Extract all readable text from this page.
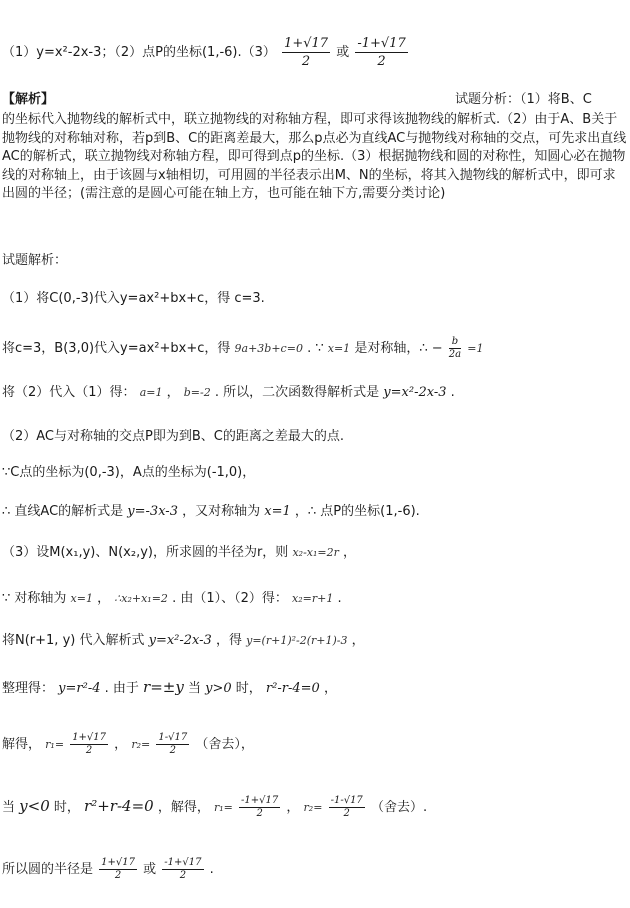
（1）y=x²-2x-3；（2）点P的坐标$(1,-6).(3) \frac{1+√17}{2}$ 或 $\frac{-1+√17}{2}$
【解析】	试题分析：（1）将B、C
的坐标代入抛物线的解析式中，联立抛物线的对称轴方程，即可求得该抛物线的解析式.（2）由于A、B关于抛物线的对称轴对称，若p到B、C的距离差最大，那么p点必为直线AC与抛物线对称轴的交点，可先求出直线AC的解析式，联立抛物线对称轴方程，即可得到点p的坐标.（3）根据抛物线和圆的对称性，知圆心必在抛物线的对称轴上，由于该圆与x轴相切，可用圆的半径表示出M、N的坐标，将其入抛物线的解析式中，即可求出圆的半径；(需注意的是圆心可能在轴上方，也可能在轴下方,需要分类讨论)
试题解析：
（1）将C(0,-3)代入y=ax²+bx+c，得 c=3.
将c=3，B(3,0)代入y=ax²+bx+c，得 9a+3b+c=0 . ∵ x=1 是对称轴，∴ − $\frac{b}{2a} =1$
将（2）代入（1）得： a=1 ， b=-2 . 所以，二次函数得解析式是 y=x²-2x-3 .
（2）AC与对称轴的交点P即为到B、C的距离之差最大的点.
∵C点的坐标为(0,-3)，A点的坐标为(-1,0)，
∴ 直线AC的解析式是 y=-3x-3 ，又对称轴为 x=1 ，∴ 点P的坐标(1,-6).
（3）设M(x₁,y)、N(x₂,y)，所求圆的半径为r，则 x₂-x₁=2r ，
∵ 对称轴为 x=1 ， ∴x₂+x₁=2 . 由（1）、（2）得： x₂=r+1 .
将N(r+1, y) 代入解析式 y=x²-2x-3 ，得 y=(r+1)²-2(r+1)-3 ，
整理得： y=r²-4 . 由于 r=±y 当 y>0 时， r²-r-4=0 ，
解得， $r_1= \frac{1+√17}{2}$ ， $r_2= \frac{1-√17}{2}$ （舍去），
当 y<0 时， r²+r-4=0 ，解得， $r_1= \frac{-1+√17}{2}$ ， $r_2= \frac{-1-√17}{2}$ （舍去）.
所以圆的半径是 $\frac{1+√17}{2}$ 或 $\frac{-1+√17}{2}$ .
